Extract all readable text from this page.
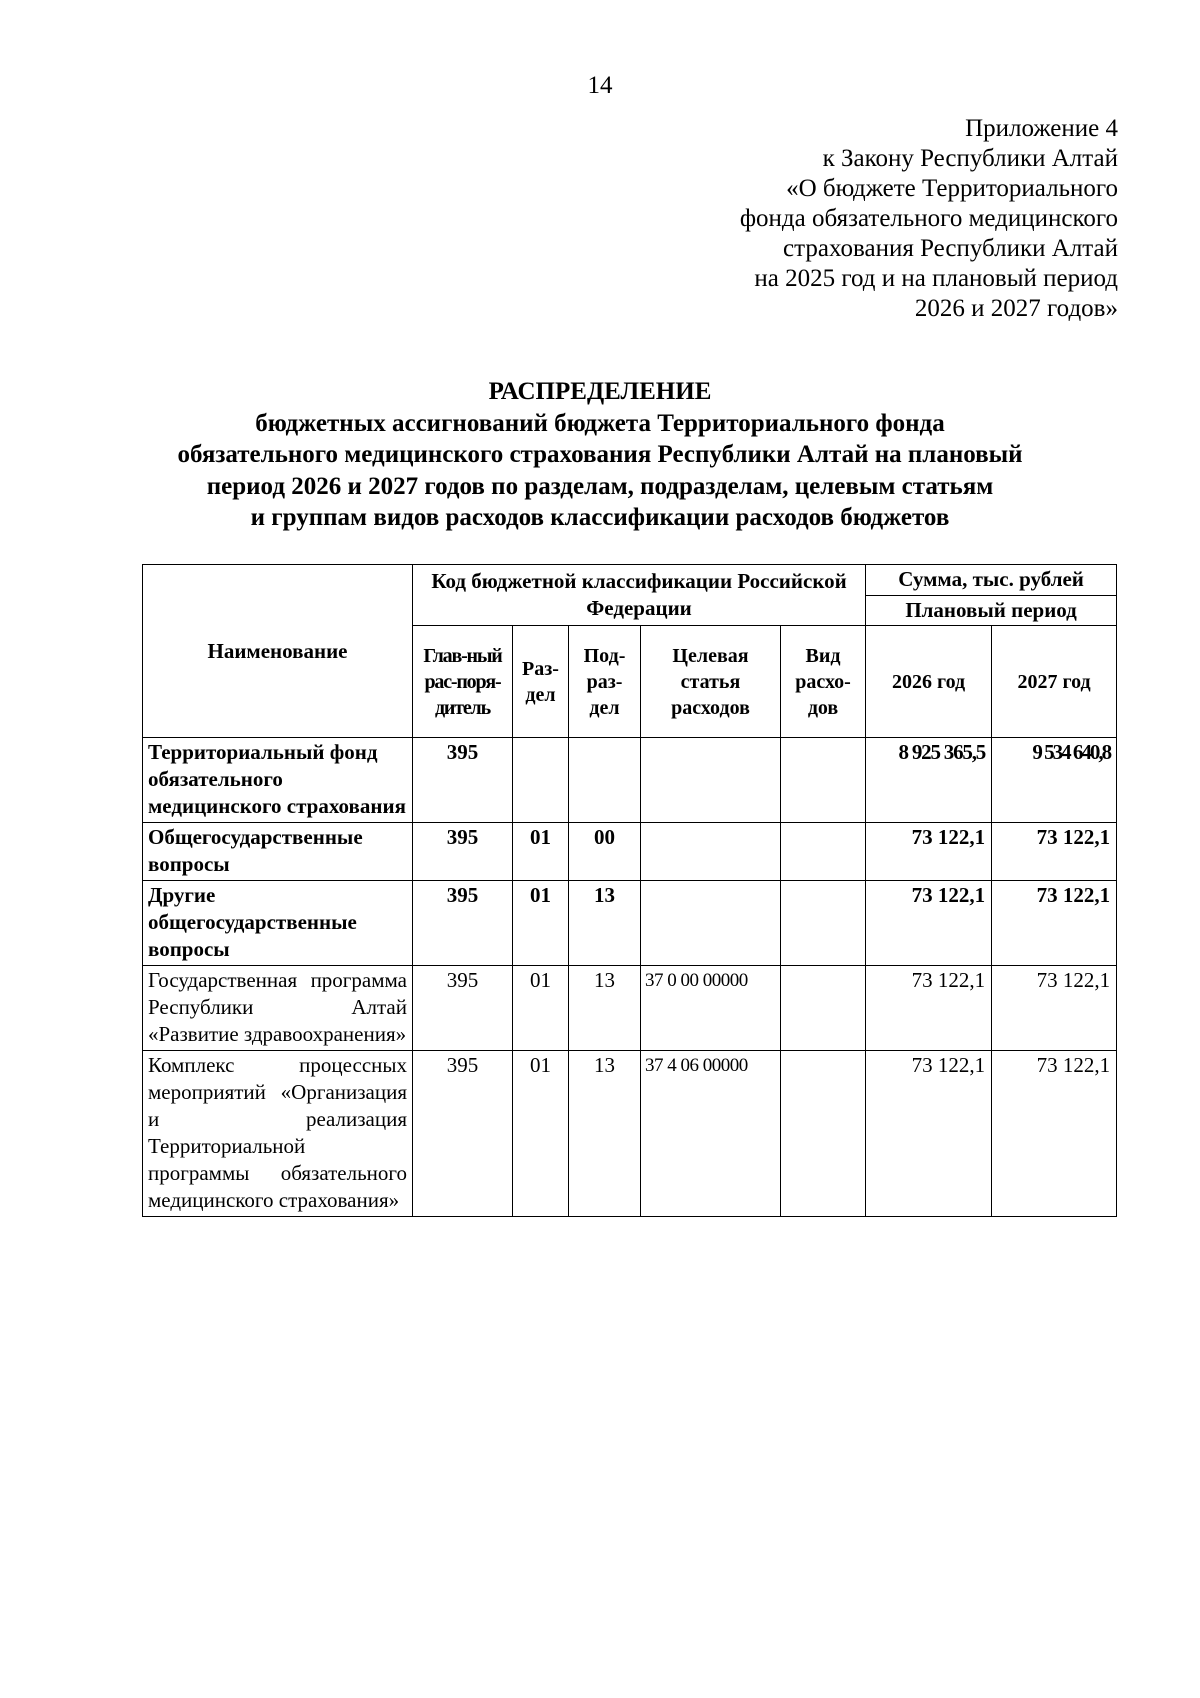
14
Приложение 4
к Закону Республики Алтай
«О бюджете Территориального
фонда обязательного медицинского
страхования Республики Алтай
на 2025 год и на плановый период
2026 и 2027 годов»
РАСПРЕДЕЛЕНИЕ
бюджетных ассигнований бюджета Территориального фонда
обязательного медицинского страхования Республики Алтай на плановый
период 2026 и 2027 годов по разделам, подразделам, целевым статьям
и группам видов расходов классификации расходов бюджетов
Наименование	Код бюджетной классификации Российской Федерации					Сумма, тыс. рублей
Плановый период	

	Глав-ный рас-поря-дитель	Раз-дел	Под-раз-дел	Целевая статья расходов	Вид расхо-дов	2026 год	2027 год
Территориальный фонд обязательного медицинского страхования	395					8 925 365,5	9 534 640,8
Общегосударственные вопросы	395	01	00			73 122,1	73 122,1
Другие общегосударственные вопросы	395	01	13			73 122,1	73 122,1
Государственная программа Республики Алтай «Развитие здравоохранения»	395	01	13	37 0 00 00000		73 122,1	73 122,1
Комплекс процессных мероприятий «Организация и реализация Территориальной программы обязательного медицинского страхования»	395	01	13	37 4 06 00000		73 122,1	73 122,1
